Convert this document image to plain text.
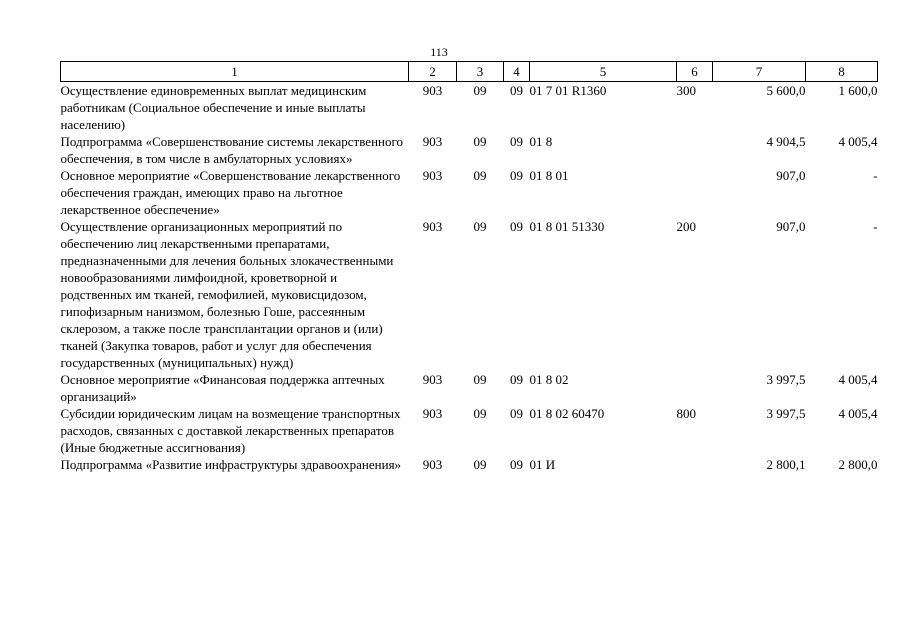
113
1	2	3	4	5	6	7	8
Осуществление единовременных выплат медицинским работникам (Социальное обеспечение и иные выплаты населению)	903	09	09	01 7 01 R1360	300	5 600,0	1 600,0
Подпрограмма «Совершенствование системы лекарственного обеспечения, в том числе в амбулаторных условиях»	903	09	09	01 8		4 904,5	4 005,4
Основное мероприятие «Совершенствование лекарственного обеспечения граждан, имеющих право на льготное лекарственное обеспечение»	903	09	09	01 8 01		907,0	-
Осуществление организационных мероприятий по обеспечению лиц лекарственными препаратами, предназначенными для лечения больных злокачественными новообразованиями лимфоидной, кроветворной и родственных им тканей, гемофилией, муковисцидозом, гипофизарным нанизмом, болезнью Гоше, рассеянным склерозом, а также после трансплантации органов и (или) тканей (Закупка товаров, работ и услуг для обеспечения государственных (муниципальных) нужд)	903	09	09	01 8 01 51330	200	907,0	-
Основное мероприятие «Финансовая поддержка аптечных организаций»	903	09	09	01 8 02		3 997,5	4 005,4
Субсидии юридическим лицам на возмещение транспортных расходов, связанных с доставкой лекарственных препаратов (Иные бюджетные ассигнования)	903	09	09	01 8 02 60470	800	3 997,5	4 005,4
Подпрограмма «Развитие инфраструктуры здравоохранения»	903	09	09	01 И		2 800,1	2 800,0
